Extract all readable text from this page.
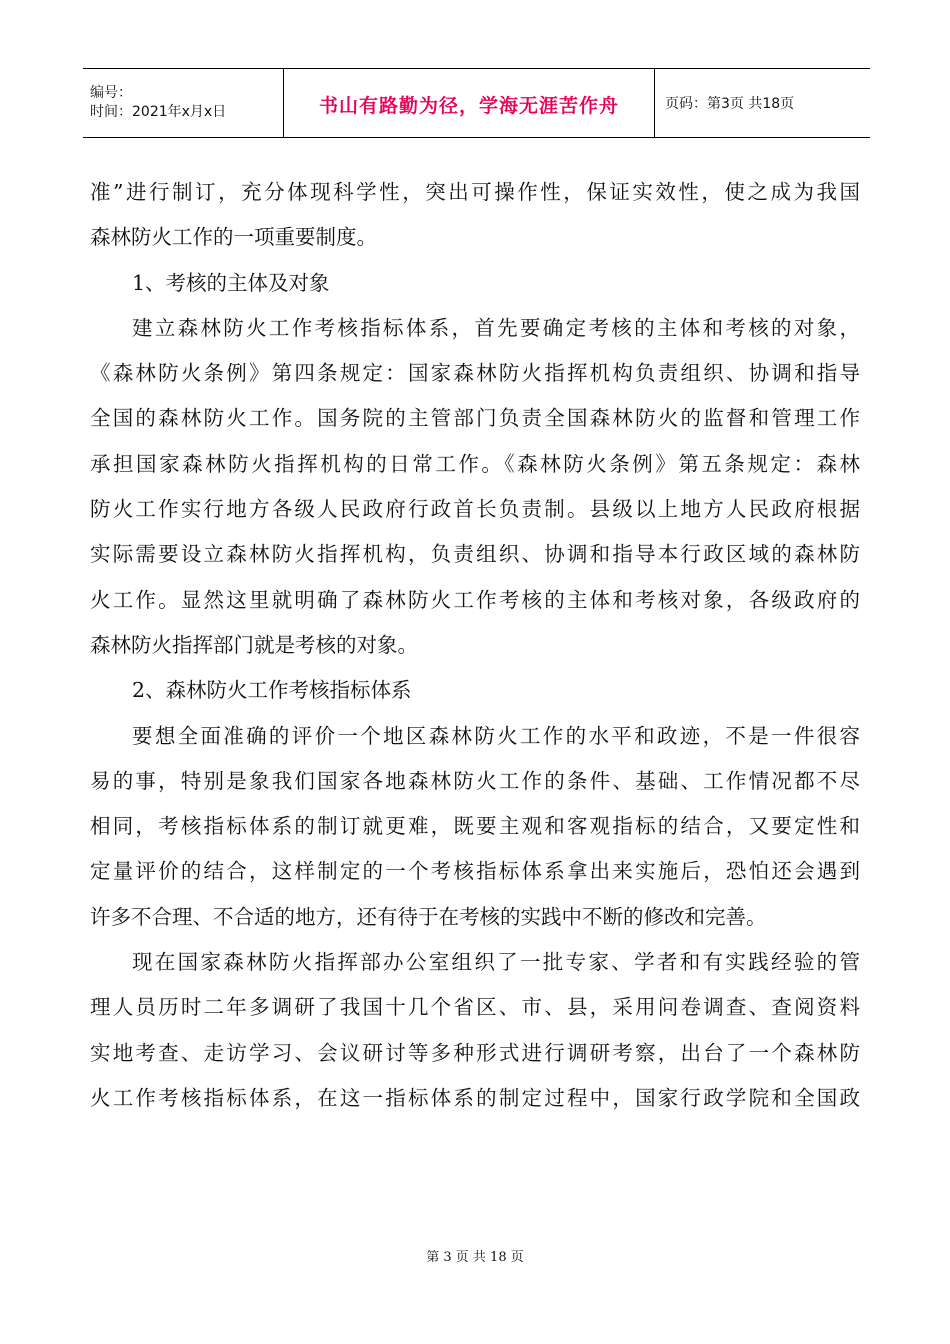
编号：
时间：2021年x月x日	书山有路勤为径，学海无涯苦作舟	页码：第3页 共18页
准”进行制订，充分体现科学性，突出可操作性，保证实效性，使之成为我国
森林防火工作的一项重要制度。
1、考核的主体及对象
建立森林防火工作考核指标体系，首先要确定考核的主体和考核的对象，
《森林防火条例》第四条规定：国家森林防火指挥机构负责组织、协调和指导
全国的森林防火工作。国务院的主管部门负责全国森林防火的监督和管理工作
承担国家森林防火指挥机构的日常工作。《森林防火条例》第五条规定：森林
防火工作实行地方各级人民政府行政首长负责制。县级以上地方人民政府根据
实际需要设立森林防火指挥机构，负责组织、协调和指导本行政区域的森林防
火工作。显然这里就明确了森林防火工作考核的主体和考核对象，各级政府的
森林防火指挥部门就是考核的对象。
2、森林防火工作考核指标体系
要想全面准确的评价一个地区森林防火工作的水平和政迹，不是一件很容
易的事，特别是象我们国家各地森林防火工作的条件、基础、工作情况都不尽
相同，考核指标体系的制订就更难，既要主观和客观指标的结合，又要定性和
定量评价的结合，这样制定的一个考核指标体系拿出来实施后，恐怕还会遇到
许多不合理、不合适的地方，还有待于在考核的实践中不断的修改和完善。
现在国家森林防火指挥部办公室组织了一批专家、学者和有实践经验的管
理人员历时二年多调研了我国十几个省区、市、县，采用问卷调查、查阅资料
实地考查、走访学习、会议研讨等多种形式进行调研考察，出台了一个森林防
火工作考核指标体系，在这一指标体系的制定过程中，国家行政学院和全国政
第 3 页 共 18 页
